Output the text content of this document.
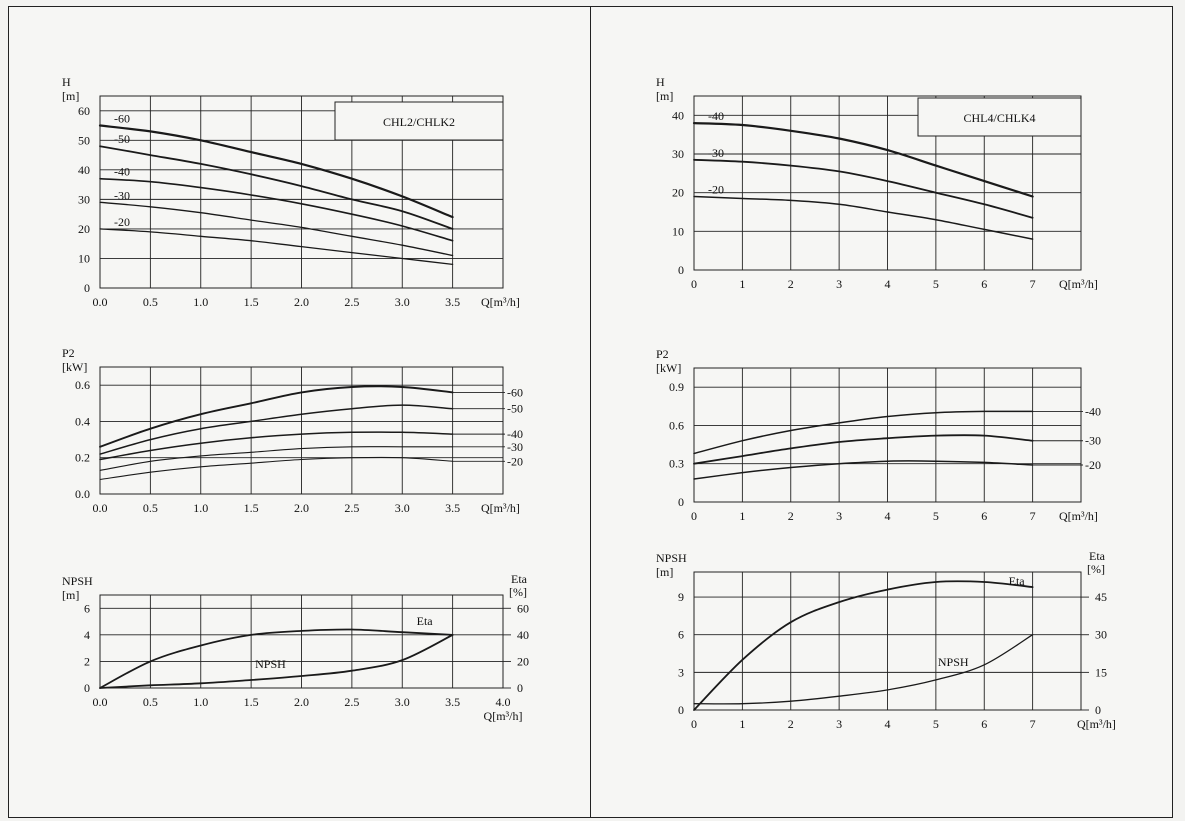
0.0	0.5	1.0	1.5	2.0	2.5	3.0	3.5
0
10
20
30
40
50
60
H
[m]
Q[m³/h]
CHL2/CHLK2
-60
-50
-40
-30
-20
0.0	0.5	1.0	1.5	2.0	2.5	3.0	3.5
0.0
0.2
0.4
0.6
P2
[kW]
Q[m³/h]
-60
-50
-40
-30
-20
0.0	0.5	1.0	1.5	2.0	2.5	3.0	3.5	4.0
0
2
4
6
NPSH
[m]
Q[m³/h]
0
20
40
60
Eta
[%]
Eta
NPSH
0	1	2	3	4	5	6	7
0
10
20
30
40
H
[m]
Q[m³/h]
CHL4/CHLK4
-40
-30
-20
0	1	2	3	4	5	6	7
0
0.3
0.6
0.9
P2
[kW]
Q[m³/h]
-40
-30
-20
0	1	2	3	4	5	6	7
0
3
6
9
NPSH
[m]
Q[m³/h]
0
15
30
45
Eta
[%]
Eta
NPSH
